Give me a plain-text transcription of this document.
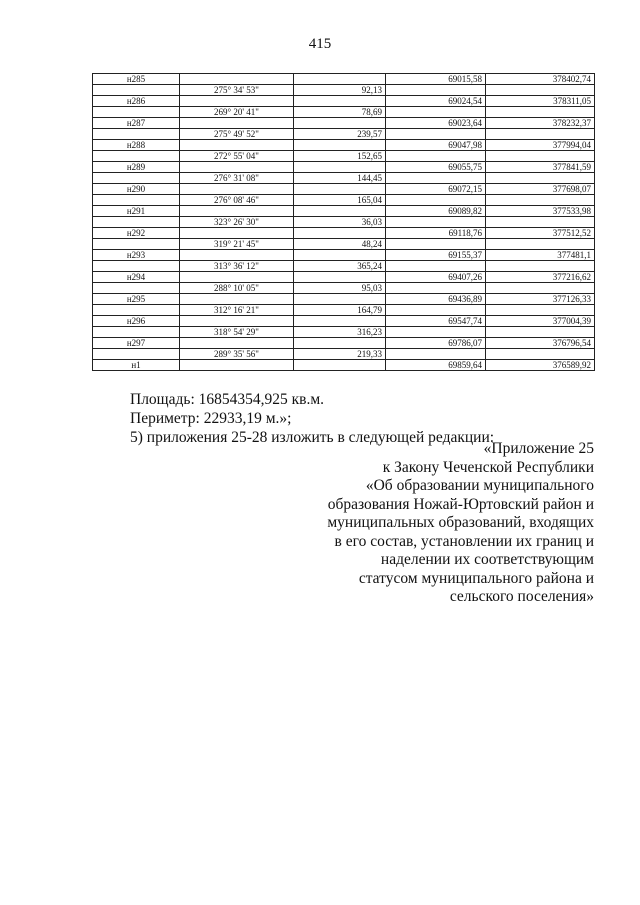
415
н285			69015,58	378402,74
	275° 34' 53"	92,13		
н286			69024,54	378311,05
	269° 20' 41"	78,69		
н287			69023,64	378232,37
	275° 49' 52"	239,57		
н288			69047,98	377994,04
	272° 55' 04"	152,65		
н289			69055,75	377841,59
	276° 31' 08"	144,45		
н290			69072,15	377698,07
	276° 08' 46"	165,04		
н291			69089,82	377533,98
	323° 26' 30"	36,03		
н292			69118,76	377512,52
	319° 21' 45"	48,24		
н293			69155,37	377481,1
	313° 36' 12"	365,24		
н294			69407,26	377216,62
	288° 10' 05"	95,03		
н295			69436,89	377126,33
	312° 16' 21"	164,79		
н296			69547,74	377004,39
	318° 54' 29"	316,23		
н297			69786,07	376796,54
	289° 35' 56"	219,33		
н1			69859,64	376589,92
Площадь: 16854354,925 кв.м.
Периметр: 22933,19 м.»;
5) приложения 25-28 изложить в следующей редакции:
«Приложение 25
к Закону Чеченской Республики
«Об образовании муниципального
образования Ножай-Юртовский район и
муниципальных образований, входящих
в его состав, установлении их границ и
наделении их соответствующим
статусом муниципального района и
сельского поселения»
